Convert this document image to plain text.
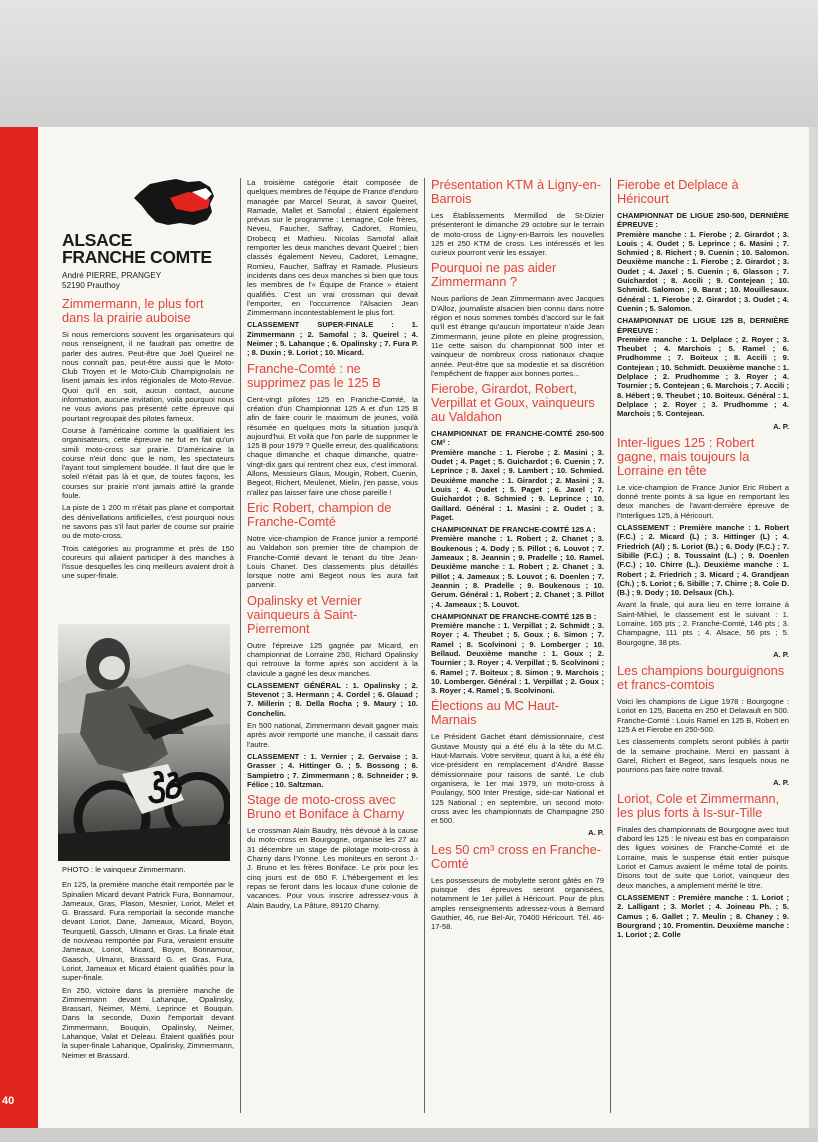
40
ALSACE
FRANCHE COMTE
André PIERRE, PRANGEY
52190 Prauthoy
Zimmermann, le plus fort dans la prairie auboise

Si nous remercions souvent les organisateurs qui nous renseignent, il ne faudrait pas omettre de parler des autres. Peut-être que Joël Queirel ne nous connaît pas, peut-être aussi que le Moto-Club Troyen et le Moto-Club Champignolais ne lisent jamais les infos régionales de Moto-Revue. Quoi qu'il en soit, aucun contact, aucune information, aucune invitation, voilà pourquoi nous ne vous avions pas présenté cette épreuve qui pourtant regroupait des pilotes fameux.

Course à l'américaine comme la qualifiaient les organisateurs, cette épreuve ne fut en fait qu'un simili moto-cross sur prairie. D'américaine la course n'eut donc que le nom, les spectateurs l'ayant tout simplement boudée. Il faut dire que le soleil n'était pas là et que, de toutes façons, les courses sur prairie n'ont jamais attiré la grande foule.

La piste de 1 200 m n'était pas plane et comportait des dénivellations artificielles, c'est pourquoi nous ne savons pas s'il faut parler de course sur prairie ou de moto-cross.

Trois catégories au programme et près de 150 coureurs qui allaient participer à des manches à l'issue desquelles les cinq meilleurs avaient droit à une super-finale.

PHOTO : le vainqueur Zimmermann.

En 125, la première manche était remportée par le Spinalien Micard devant Patrick Fura, Bonnamour, Jameaux, Gras, Plason, Mesnier, Loriot, Melet et G. Brassard. Fura remportait la seconde manche devant Loriot, Dane, Jameaux, Micard, Boyon, Teurquetil, Gassch, Ulmann et Gras. La finale était de nouveau remportée par Fura, venaient ensuite Jameaux, Loriot, Micard, Boyon, Bonnamour, Gaasch, Ulmann, Brassard G. et Gras. Fura, Loriot, Jameaux et Micard étaient qualifiés pour la super-finale.

En 250, victoire dans la première manche de Zimmermann devant Lahanque, Opalinsky, Brassart, Neimer, Mémi, Leprince et Bouquin. Dans la seconde, Duxin l'emportait devant Zimmermann, Bouquin, Opalinsky, Neimer, Lahanque, Valat et Deleau. Étaient qualifiés pour la super-finale Lahanque, Opalinsky, Zimmermann, Neimer et Brassard.

La troisième catégorie était composée de quelques membres de l'équipe de France d'enduro managée par Marcel Seurat, à savoir Queirel, Ramade, Mallet et Samofal ; étaient également prévus sur le programme : Lemagne, Cole frères, Neveu, Faucher, Saffray, Cadoret, Romieu, Drobecq et Mathieu. Nicolas Samofal allait remporter les deux manches devant Queirel ; bien classés également Neveu, Cadoret, Lemagne, Romieu, Faucher, Saffray et Ramade. Plusieurs incidents dans ces deux manches si bien que tous les membres de l'« Équipe de France » étaient qualifiés. C'est un vrai crossman qui devait l'emporter, en l'occurrence l'Alsacien Jean Zimmermann incontestablement le plus fort.

CLASSEMENT SUPER-FINALE : 1. Zimmermann ; 2. Samofal ; 3. Queirel ; 4. Neimer ; 5. Lahanque ; 6. Opalinsky ; 7. Fura P. ; 8. Duxin ; 9. Loriot ; 10. Micard.

Franche-Comté : ne supprimez pas le 125 B

Cent-vingt pilotes 125 en Franche-Comté, la création d'un Championnat 125 A et d'un 125 B afin de faire courir le maximum de jeunes, voilà résumée en quelques mots la situation jusqu'à aujourd'hui. Et voilà que l'on parle de supprimer le 125 B pour 1979 ? Quelle erreur, des qualifications chaque dimanche et chaque dimanche, quatre-vingt-dix gars qui rentrent chez eux, c'est immoral. Allons, Messieurs Glaus, Mougin, Robert, Cuenin, Begeot, Richert, Meulenet, Mielin, j'en passe, vous n'allez pas laisser faire une chose pareille !

Eric Robert, champion de Franche-Comté

Notre vice-champion de France junior a remporté au Valdahon son premier titre de champion de Franche-Comté devant le tenant du titre Jean-Louis Chanet. Des classements plus détaillés lorsque notre ami Begeot nous les aura fait parvenir.

Opalinsky et Vernier vainqueurs à Saint-Pierremont

Outre l'épreuve 125 gagnée par Micard, en championnat de Lorraine 250, Richard Opalinsky qui retrouve la forme après son accident à la clavicule a gagné les deux manches.

CLASSEMENT GÉNÉRAL : 1. Opalinsky ; 2. Stevenot ; 3. Hermann ; 4. Cordel ; 6. Glauad ; 7. Millerin ; 8. Della Rocha ; 9. Maury ; 10. Conchelin.

En 500 national, Zimmermann devait gagner mais après avoir remporté une manche, il cassait dans l'autre.

CLASSEMENT : 1. Vernier ; 2. Gervaise ; 3. Grasser ; 4. Hittinger G. ; 5. Bossong ; 6. Sampietro ; 7. Zimmermann ; 8. Schneider ; 9. Félice ; 10. Saltzman.

Stage de moto-cross avec Bruno et Boniface à Charny

Le crossman Alain Baudry, très dévoué à la cause du moto-cross en Bourgogne, organise les 27 au 31 décembre un stage de pilotage moto-cross à Charny dans l'Yonne. Les moniteurs en seront J.-J. Bruno et les frères Boniface. Le prix pour les cinq jours est de 650 F. L'hébergement et les repas se feront dans les locaux d'une colonie de vacances. Pour vous inscrire adressez-vous à Alain Baudry, La Pâture, 89120 Charny.

Présentation KTM à Ligny-en-Barrois

Les Établissements Mermillod de St-Dizier présenteront le dimanche 29 octobre sur le terrain de moto-cross de Ligny-en-Barrois les nouvelles 125 et 250 KTM de cross. Les intéressés et les curieux pourront venir les essayer.

Pourquoi ne pas aider Zimmermann ?

Nous parlions de Jean Zimmermann avec Jacques D'Alloz, journaliste alsacien bien connu dans notre région et nous sommes tombés d'accord sur le fait qu'il est étrange qu'aucun importateur n'aide Jean Zimmermann, jeune pilote en pleine progression, 11e cette saison du championnat 500 inter et vainqueur de nombreux cross nationaux chaque année. Peut-être que sa modestie et sa discrétion l'empêchent de frapper aux bonnes portes...

Fierobe, Girardot, Robert, Verpillat et Goux, vainqueurs au Valdahon

CHAMPIONNAT DE FRANCHE-COMTÉ 250-500 CM³ :

Première manche : 1. Fierobe ; 2. Masini ; 3. Oudet ; 4. Paget ; 5. Guichardot ; 6. Cuenin ; 7. Leprince ; 8. Jaxel ; 9. Lambert ; 10. Schmied. Deuxième manche : 1. Girardot ; 2. Masini ; 3. Louis ; 4. Oudet ; 5. Paget ; 6. Jaxel ; 7. Guichardot ; 8. Schmied ; 9. Leprince ; 10. Gaillard. Général : 1. Masini ; 2. Oudet ; 3. Paget.

CHAMPIONNAT DE FRANCHE-COMTÉ 125 A :

Première manche : 1. Robert ; 2. Chanet ; 3. Boukenous ; 4. Dody ; 5. Pillot ; 6. Louvot ; 7. Jameaux ; 8. Jeannin ; 9. Pradelle ; 10. Ramel. Deuxième manche : 1. Robert ; 2. Chanet ; 3. Pillot ; 4. Jameaux ; 5. Louvot ; 6. Doenlen ; 7. Jeannin ; 8. Pradelle ; 9. Boukenous ; 10. Gerum. Général : 1. Robert ; 2. Chanet ; 3. Pillot ; 4. Jameaux ; 5. Louvot.

CHAMPIONNAT DE FRANCHE-COMTÉ 125 B :

Première manche : 1. Verpillat ; 2. Schmidt ; 3. Royer ; 4. Theubet ; 5. Goux ; 6. Simon ; 7. Ramel ; 8. Scolvinoni ; 9. Lomberger ; 10. Bellaud. Deuxième manche : 1. Goux ; 2. Tournier ; 3. Royer ; 4. Verpillat ; 5. Scolvinoni ; 6. Ramel ; 7. Boiteux ; 8. Simon ; 9. Marchois ; 10. Lomberger. Général : 1. Verpillat ; 2. Goux ; 3. Royer ; 4. Ramel ; 5. Scolvinoni.

Élections au MC Haut-Marnais

Le Président Gachet étant démissionnaire, c'est Gustave Mousty qui a été élu à la tête du M.C. Haut-Marnais. Votre serviteur, quant à lui, a été élu vice-président en remplacement d'André Basse démissionnaire pour raisons de santé. Le club organisera, le 1er mai 1979, un moto-cross à Poulangy, 500 Inter Prestige, side-car National et 125 National ; en septembre, un second moto-cross avec les championnats de Champagne 250 et 500.

A. P.

Les 50 cm³ cross en Franche-Comté

Les possesseurs de mobylette seront gâtés en 79 puisque des épreuves seront organisées, notamment le 1er juillet à Héricourt. Pour de plus amples renseignements adressez-vous à Bernard Gauthier, 46, rue Bel-Air, 70400 Héricourt. Tél. 46-17-58.

Fierobe et Delplace à Héricourt

CHAMPIONNAT DE LIGUE 250-500, DERNIÈRE ÉPREUVE :

Première manche : 1. Fierobe ; 2. Girardot ; 3. Louis ; 4. Oudet ; 5. Leprince ; 6. Masini ; 7. Schmied ; 8. Richert ; 9. Cuenin ; 10. Salomon. Deuxième manche : 1. Fierobe ; 2. Girardot ; 3. Oudet ; 4. Jaxel ; 5. Cuenin ; 6. Glasson ; 7. Guichardot ; 8. Accili ; 9. Contejean ; 10. Schmidt. Salomon ; 9. Barat ; 10. Mouillesaux. Général : 1. Fierobe ; 2. Girardot ; 3. Oudet ; 4. Cuenin ; 5. Salomon.

CHAMPIONNAT DE LIGUE 125 B, DERNIÈRE ÉPREUVE :

Première manche : 1. Delplace ; 2. Royer ; 3. Theubet ; 4. Marchois ; 5. Ramel ; 6. Prudhomme ; 7. Boiteux ; 8. Accili ; 9. Contejean ; 10. Schmidt. Deuxième manche : 1. Delplace ; 2. Prudhomme ; 3. Royer ; 4. Tournier ; 5. Contejean ; 6. Marchois ; 7. Accili ; 8. Hébert ; 9. Theubet ; 10. Boiteux. Général : 1. Delplace ; 2. Royer ; 3. Prudhomme ; 4. Marchois ; 5. Contejean.

A. P.

Inter-ligues 125 : Robert gagne, mais toujours la Lorraine en tête

Le vice-champion de France Junior Eric Robert a donné trente points à sa ligue en remportant les deux manches de l'avant-dernière épreuve de l'Interligues 125, à Héricourt.

CLASSEMENT : Première manche : 1. Robert (F.C.) ; 2. Micard (L) ; 3. Hittinger (L) ; 4. Friedrich (Al) ; 5. Loriot (B.) ; 6. Dody (F.C.) ; 7. Sibille (F.C.) ; 8. Toussaint (L.) ; 9. Doenlen (F.C.) ; 10. Chirre (L.). Deuxième manche : 1. Robert ; 2. Friedrich ; 3. Micard ; 4. Grandjean (Ch.) ; 5. Loriot ; 6. Sibille ; 7. Chirre ; 8. Cole D. (B.) ; 9. Dody ; 10. Delsaux (Ch.).

Avant la finale, qui aura lieu en terre lorraine à Saint-Mihiel, le classement est le suivant : 1. Lorraine, 165 pts ; 2. Franche-Comté, 146 pts ; 3. Champagne, 111 pts ; 4. Alsace, 56 pts ; 5. Bourgogne, 38 pts.

A. P.

Les champions bourguignons et francs-comtois

Voici les champions de Ligue 1978 : Bourgogne : Loriot en 125, Bacetta en 250 et Delavault en 500. Franche-Comté : Louis Ramel en 125 B, Robert en 125 A et Fierobe en 250-500.

Les classements complets seront publiés à partir de la semaine prochaine. Merci en passant à Garel, Richert et Begeot, sans lesquels nous ne pourrions pas faire notre travail.

A. P.

Loriot, Cole et Zimmermann, les plus forts à Is-sur-Tille

Finales des championnats de Bourgogne avec tout d'abord les 125 : le niveau est bas en comparaison des ligues voisines de Franche-Comté et de Lorraine, mais le suspense était entier puisque Loriot et Camus avaient le même total de points. Disons tout de suite que Loriot, vainqueur des deux manches, a amplement mérité le titre.

CLASSEMENT : Première manche : 1. Loriot ; 2. Lalligant ; 3. Morlet ; 4. Joineau Ph. ; 5. Camus ; 6. Gallet ; 7. Meulin ; 8. Chaney ; 9. Bourgrand ; 10. Fromentin. Deuxième manche : 1. Loriot ; 2. Colle
